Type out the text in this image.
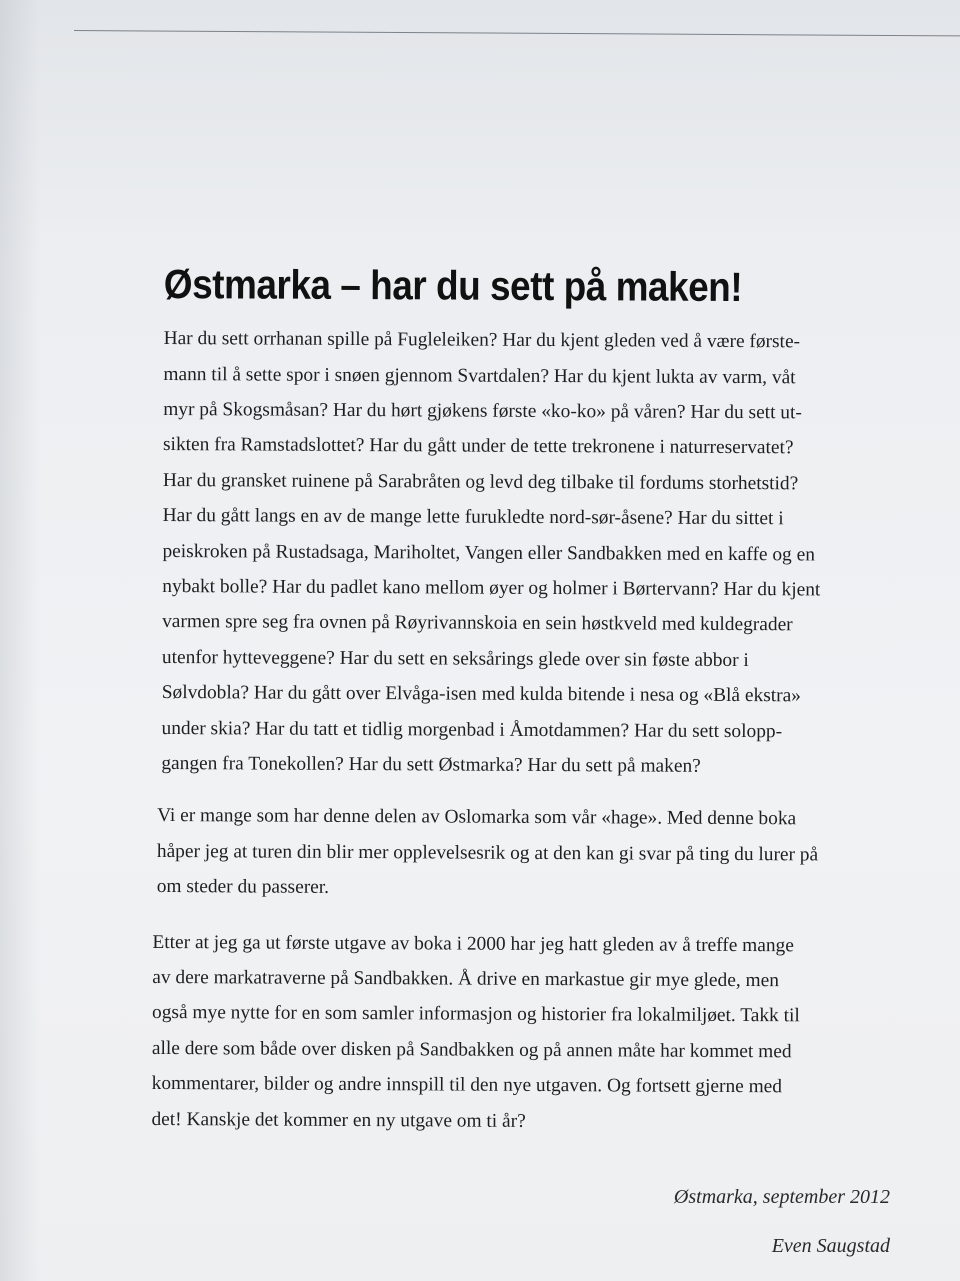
Østmarka – har du sett på maken!

Har du sett orrhanan spille på Fugleleiken? Har du kjent gleden ved å være første-
mann til å sette spor i snøen gjennom Svartdalen? Har du kjent lukta av varm, våt
myr på Skogsmåsan? Har du hørt gjøkens første «ko-ko» på våren? Har du sett ut-
sikten fra Ramstadslottet? Har du gått under de tette trekronene i naturreservatet?
Har du gransket ruinene på Sarabråten og levd deg tilbake til fordums storhetstid?
Har du gått langs en av de mange lette furukledte nord-sør-åsene? Har du sittet i
peiskroken på Rustadsaga, Mariholtet, Vangen eller Sandbakken med en kaffe og en
nybakt bolle? Har du padlet kano mellom øyer og holmer i Børtervann? Har du kjent
varmen spre seg fra ovnen på Røyrivannskoia en sein høstkveld med kuldegrader
utenfor hytteveggene? Har du sett en seksårings glede over sin føste abbor i
Sølvdobla? Har du gått over Elvåga-isen med kulda bitende i nesa og «Blå ekstra»
under skia? Har du tatt et tidlig morgenbad i Åmotdammen? Har du sett solopp-
gangen fra Tonekollen? Har du sett Østmarka? Har du sett på maken?

Vi er mange som har denne delen av Oslomarka som vår «hage». Med denne boka
håper jeg at turen din blir mer opplevelsesrik og at den kan gi svar på ting du lurer på
om steder du passerer.

Etter at jeg ga ut første utgave av boka i 2000 har jeg hatt gleden av å treffe mange
av dere markatraverne på Sandbakken. Å drive en markastue gir mye glede, men
også mye nytte for en som samler informasjon og historier fra lokalmiljøet. Takk til
alle dere som både over disken på Sandbakken og på annen måte har kommet med
kommentarer, bilder og andre innspill til den nye utgaven. Og fortsett gjerne med
det! Kanskje det kommer en ny utgave om ti år?

Østmarka, september 2012
Even Saugstad
